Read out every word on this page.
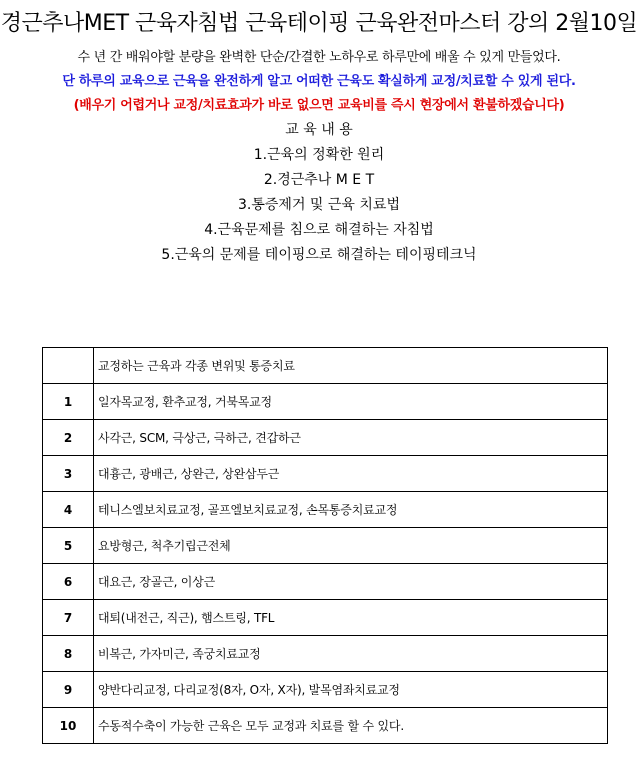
경근추나MET 근육자침법 근육테이핑 근육완전마스터 강의 2월10일
수 년 간 배워야할 분량을 완벽한 단순/간결한 노하우로 하루만에 배울 수 있게 만들었다.
단 하루의 교육으로 근육을 완전하게 알고 어떠한 근육도 확실하게 교정/치료할 수 있게 된다.
(배우기 어렵거나 교정/치료효과가 바로 없으면 교육비를 즉시 현장에서 환불하겠습니다)
교 육 내 용
1.근육의 정확한 원리
2.경근추나 M E T
3.통증제거 및 근육 치료법
4.근육문제를 침으로 해결하는 자침법
5.근육의 문제를 테이핑으로 해결하는 테이핑테크닉
	교정하는 근육과 각종 변위및 통증치료
1	일자목교정, 환추교정, 거북목교정
2	사각근, SCM, 극상근, 극하근, 견갑하근
3	대흉근, 광배근, 상완근, 상완삼두근
4	테니스엘보치료교정, 골프엘보치료교정, 손목통증치료교정
5	요방형근, 척추기립근전체
6	대요근, 장골근, 이상근
7	대퇴(내전근, 직근), 햄스트링, TFL
8	비복근, 가자미근, 족궁치료교정
9	양반다리교정, 다리교정(8자, O자, X자), 발목염좌치료교정
10	수동적수축이 가능한 근육은 모두 교정과 치료를 할 수 있다.
